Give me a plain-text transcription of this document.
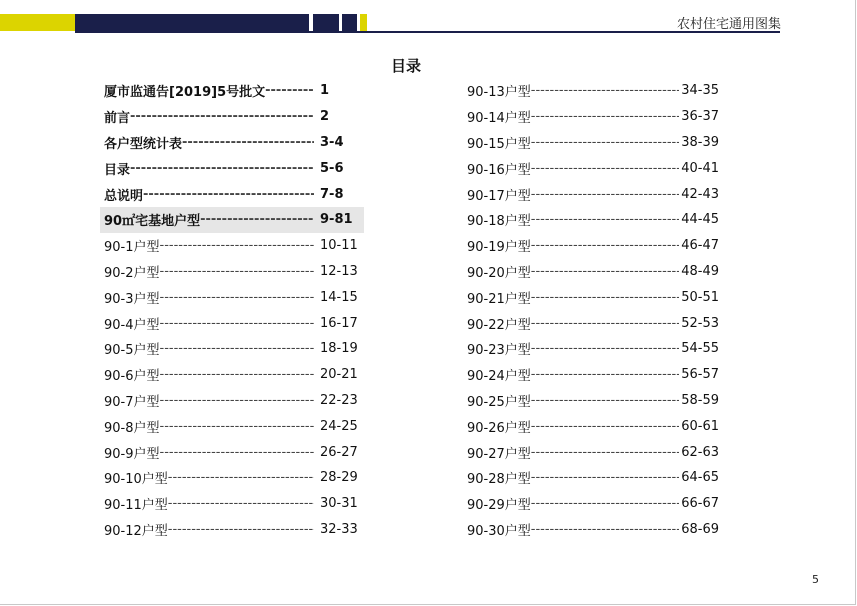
农村住宅通用图集
目录
厦市监通告[2019]5号批文 -----	1
前言 -----	2
各户型统计表 -----	3-4
目录 -----	5-6
总说明 -----	7-8
90㎡宅基地户型 -----	9-81
90-1户型 -----	10-11
90-2户型 -----	12-13
90-3户型 -----	14-15
90-4户型 -----	16-17
90-5户型 -----	18-19
90-6户型 -----	20-21
90-7户型 -----	22-23
90-8户型 -----	24-25
90-9户型 -----	26-27
90-10户型 -----	28-29
90-11户型 -----	30-31
90-12户型 -----	32-33
90-13户型 -----	34-35
90-14户型 -----	36-37
90-15户型 -----	38-39
90-16户型 -----	40-41
90-17户型 -----	42-43
90-18户型 -----	44-45
90-19户型 -----	46-47
90-20户型 -----	48-49
90-21户型 -----	50-51
90-22户型 -----	52-53
90-23户型 -----	54-55
90-24户型 -----	56-57
90-25户型 -----	58-59
90-26户型 -----	60-61
90-27户型 -----	62-63
90-28户型 -----	64-65
90-29户型 -----	66-67
90-30户型 -----	68-69
5
